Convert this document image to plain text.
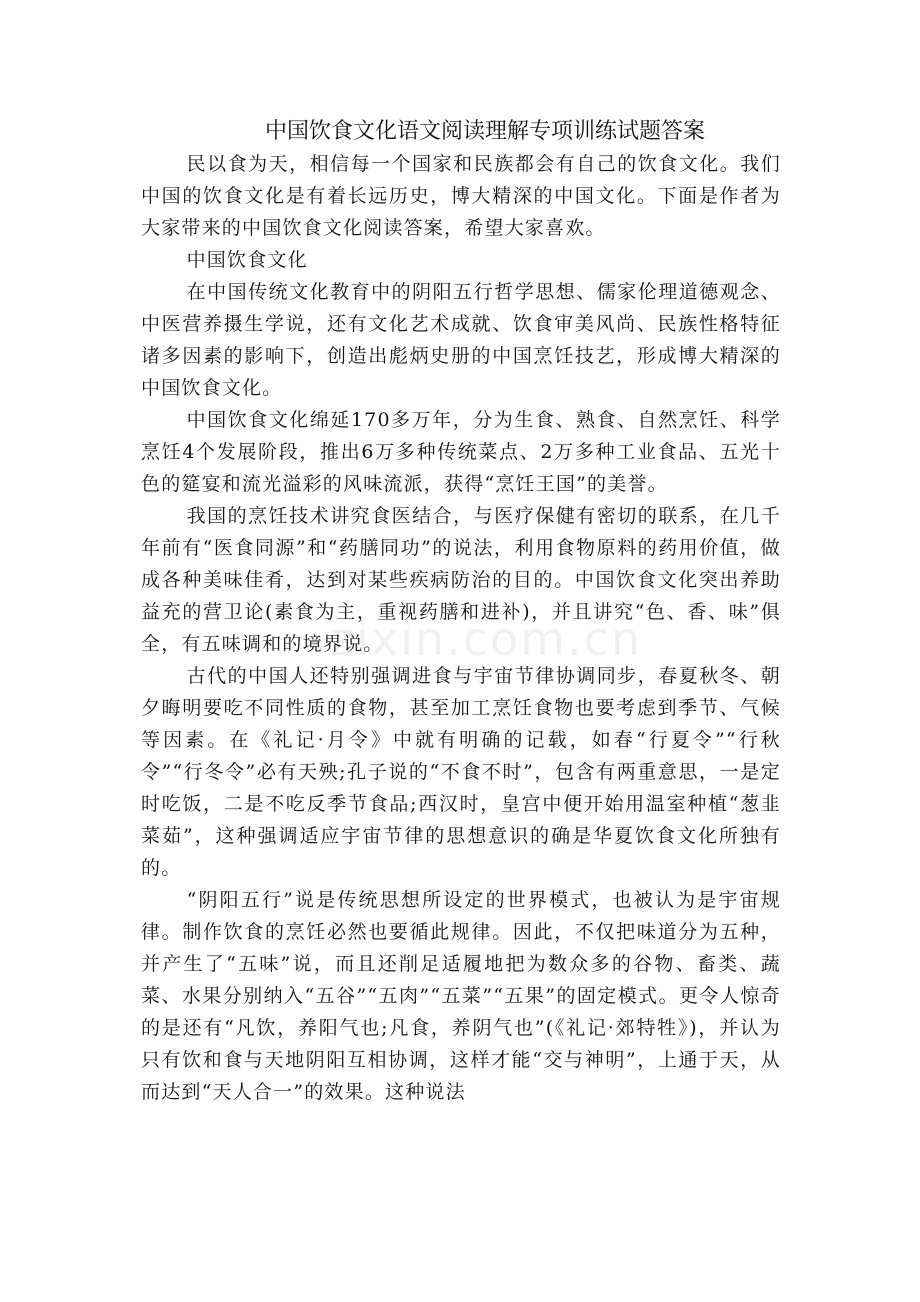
中国饮食文化语文阅读理解专项训练试题答案

民以食为天，相信每一个国家和民族都会有自己的饮食文化。我们中国的饮食文化是有着长远历史，博大精深的中国文化。下面是作者为大家带来的中国饮食文化阅读答案，希望大家喜欢。

中国饮食文化

在中国传统文化教育中的阴阳五行哲学思想、儒家伦理道德观念、中医营养摄生学说，还有文化艺术成就、饮食审美风尚、民族性格特征诸多因素的影响下，创造出彪炳史册的中国烹饪技艺，形成博大精深的中国饮食文化。

中国饮食文化绵延170多万年，分为生食、熟食、自然烹饪、科学烹饪4个发展阶段，推出6万多种传统菜点、2万多种工业食品、五光十色的筵宴和流光溢彩的风味流派，获得“烹饪王国”的美誉。

我国的烹饪技术讲究食医结合，与医疗保健有密切的联系，在几千年前有“医食同源”和“药膳同功”的说法，利用食物原料的药用价值，做成各种美味佳肴，达到对某些疾病防治的目的。中国饮食文化突出养助益充的营卫论(素食为主，重视药膳和进补)，并且讲究“色、香、味”俱全，有五味调和的境界说。

古代的中国人还特别强调进食与宇宙节律协调同步，春夏秋冬、朝夕晦明要吃不同性质的食物，甚至加工烹饪食物也要考虑到季节、气候等因素。在《礼记·月令》中就有明确的记载，如春“行夏令”“行秋令”“行冬令”必有天殃;孔子说的“不食不时”，包含有两重意思，一是定时吃饭，二是不吃反季节食品;西汉时，皇宫中便开始用温室种植“葱韭菜茹”，这种强调适应宇宙节律的思想意识的确是华夏饮食文化所独有的。

“阴阳五行”说是传统思想所设定的世界模式，也被认为是宇宙规律。制作饮食的烹饪必然也要循此规律。因此，不仅把味道分为五种，并产生了“五味”说，而且还削足适履地把为数众多的谷物、畜类、蔬菜、水果分别纳入“五谷”“五肉”“五菜”“五果”的固定模式。更令人惊奇的是还有“凡饮，养阳气也;凡食，养阴气也”(《礼记·郊特牲》)，并认为只有饮和食与天地阴阳互相协调，这样才能“交与神明”，上通于天，从而达到“天人合一”的效果。这种说法

zixin.com.cn
